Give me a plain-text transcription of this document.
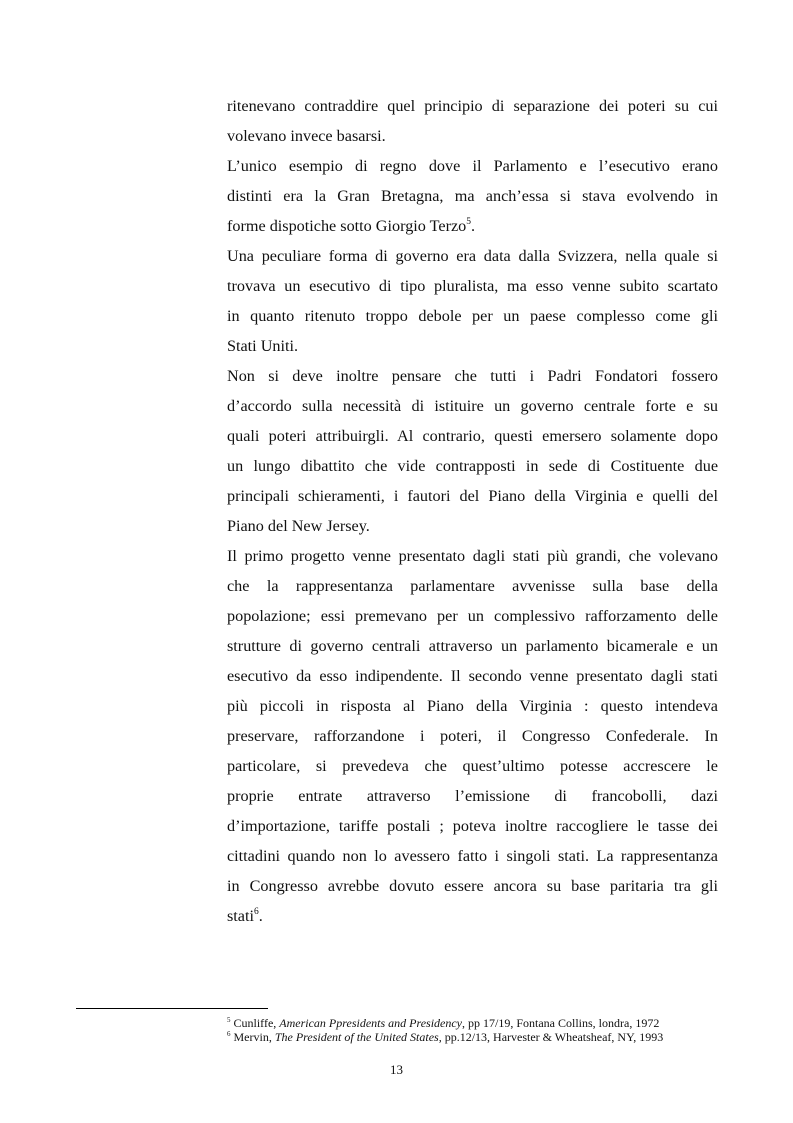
ritenevano contraddire quel principio di separazione dei poteri su cui
volevano invece basarsi.
L’unico esempio di regno dove il Parlamento e l’esecutivo erano
distinti era la Gran Bretagna, ma anch’essa si stava evolvendo in
forme dispotiche sotto Giorgio Terzo$^5$.
Una peculiare forma di governo era data dalla Svizzera, nella quale si
trovava un esecutivo di tipo pluralista, ma esso venne subito scartato
in quanto ritenuto troppo debole per un paese complesso come gli
Stati Uniti.
Non si deve inoltre pensare che tutti i Padri Fondatori fossero
d’accordo sulla necessità di istituire un governo centrale forte e su
quali poteri attribuirgli. Al contrario, questi emersero solamente dopo
un lungo dibattito che vide contrapposti in sede di Costituente due
principali schieramenti, i fautori del Piano della Virginia e quelli del
Piano del New Jersey.
Il primo progetto venne presentato dagli stati più grandi, che volevano
che la rappresentanza parlamentare avvenisse sulla base della
popolazione; essi premevano per un complessivo rafforzamento delle
strutture di governo centrali attraverso un parlamento bicamerale e un
esecutivo da esso indipendente. Il secondo venne presentato dagli stati
più piccoli in risposta al Piano della Virginia : questo intendeva
preservare, rafforzandone i poteri, il Congresso Confederale. In
particolare, si prevedeva che quest’ultimo potesse accrescere le
proprie entrate attraverso l’emissione di francobolli, dazi
d’importazione, tariffe postali ; poteva inoltre raccogliere le tasse dei
cittadini quando non lo avessero fatto i singoli stati. La rappresentanza
in Congresso avrebbe dovuto essere ancora su base paritaria tra gli
stati$^6$.
$^5$ Cunliffe, American Ppresidents and Presidency, pp 17/19, Fontana Collins, londra, 1972
$^6$ Mervin, The President of the United States, pp.12/13, Harvester & Wheatsheaf, NY, 1993
13
